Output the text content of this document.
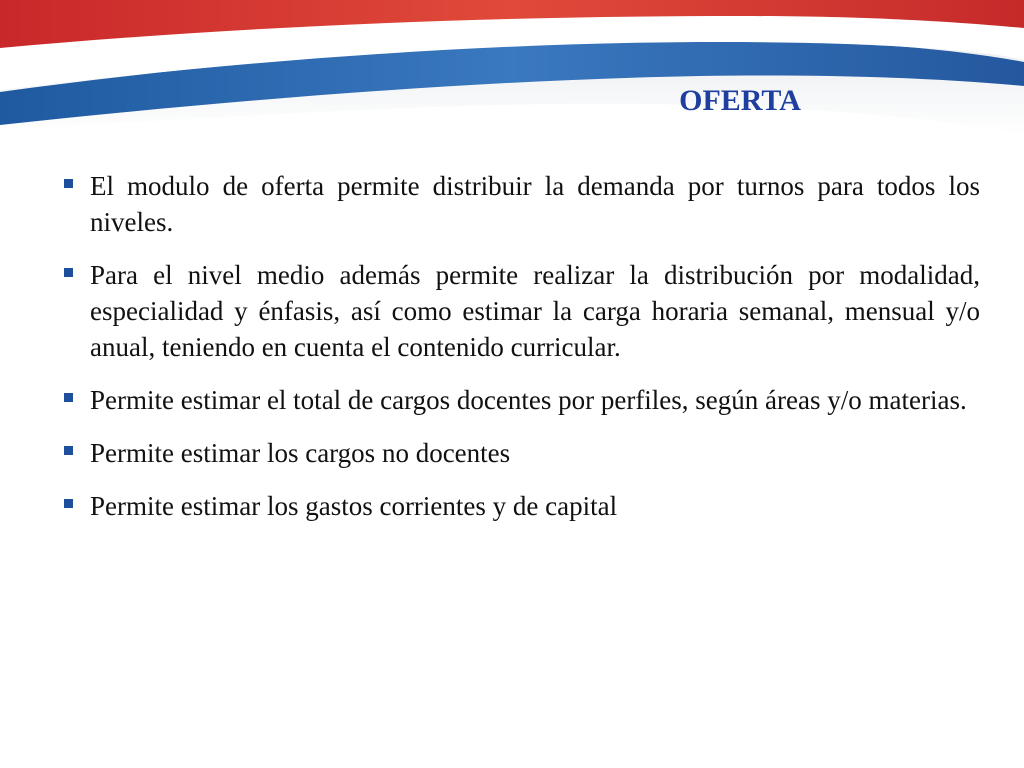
OFERTA
El modulo de oferta permite distribuir la demanda por turnos para todos los niveles.
Para el nivel medio además permite realizar la distribución por modalidad, especialidad y énfasis, así como estimar la carga horaria semanal, mensual y/o anual, teniendo en cuenta el contenido curricular.
Permite estimar el total de cargos docentes por perfiles, según áreas y/o materias.
Permite estimar los cargos no docentes
Permite estimar los gastos corrientes y de capital
